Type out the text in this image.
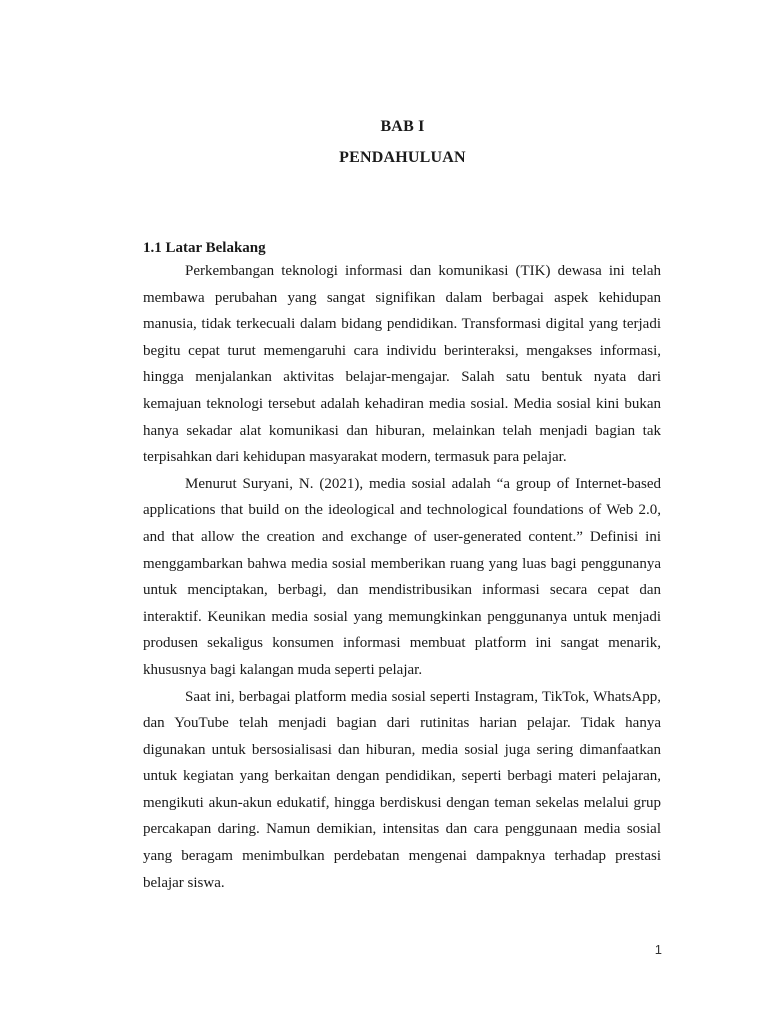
BAB I
PENDAHULUAN

1.1 Latar Belakang

Perkembangan teknologi informasi dan komunikasi (TIK) dewasa ini telah membawa perubahan yang sangat signifikan dalam berbagai aspek kehidupan manusia, tidak terkecuali dalam bidang pendidikan. Transformasi digital yang terjadi begitu cepat turut memengaruhi cara individu berinteraksi, mengakses informasi, hingga menjalankan aktivitas belajar-mengajar. Salah satu bentuk nyata dari kemajuan teknologi tersebut adalah kehadiran media sosial. Media sosial kini bukan hanya sekadar alat komunikasi dan hiburan, melainkan telah menjadi bagian tak terpisahkan dari kehidupan masyarakat modern, termasuk para pelajar.

Menurut Suryani, N. (2021), media sosial adalah “a group of Internet-based applications that build on the ideological and technological foundations of Web 2.0, and that allow the creation and exchange of user-generated content.” Definisi ini menggambarkan bahwa media sosial memberikan ruang yang luas bagi penggunanya untuk menciptakan, berbagi, dan mendistribusikan informasi secara cepat dan interaktif. Keunikan media sosial yang memungkinkan penggunanya untuk menjadi produsen sekaligus konsumen informasi membuat platform ini sangat menarik, khususnya bagi kalangan muda seperti pelajar.

Saat ini, berbagai platform media sosial seperti Instagram, TikTok, WhatsApp, dan YouTube telah menjadi bagian dari rutinitas harian pelajar. Tidak hanya digunakan untuk bersosialisasi dan hiburan, media sosial juga sering dimanfaatkan untuk kegiatan yang berkaitan dengan pendidikan, seperti berbagi materi pelajaran, mengikuti akun-akun edukatif, hingga berdiskusi dengan teman sekelas melalui grup percakapan daring. Namun demikian, intensitas dan cara penggunaan media sosial yang beragam menimbulkan perdebatan mengenai dampaknya terhadap prestasi belajar siswa.

1
